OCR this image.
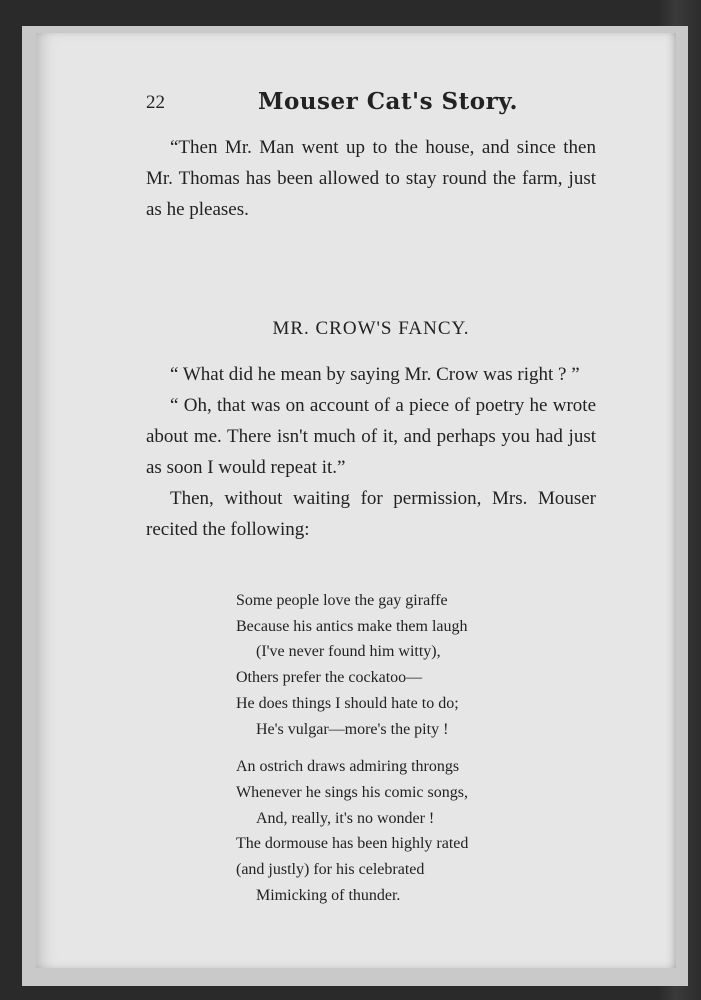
22	Mouser Cat's Story.

“Then Mr. Man went up to the house, and since then Mr. Thomas has been allowed to stay round the farm, just as he pleases.

MR. CROW'S FANCY.

“ What did he mean by saying Mr. Crow was right ? ”

“ Oh, that was on account of a piece of poetry he wrote about me. There isn't much of it, and perhaps you had just as soon I would repeat it.”

Then, without waiting for permission, Mrs. Mouser recited the following:

Some people love the gay giraffe
Because his antics make them laugh
(I've never found him witty),
Others prefer the cockatoo—
He does things I should hate to do;
He's vulgar—more's the pity !
An ostrich draws admiring throngs
Whenever he sings his comic songs,
And, really, it's no wonder !
The dormouse has been highly rated
(and justly) for his celebrated
Mimicking of thunder.
